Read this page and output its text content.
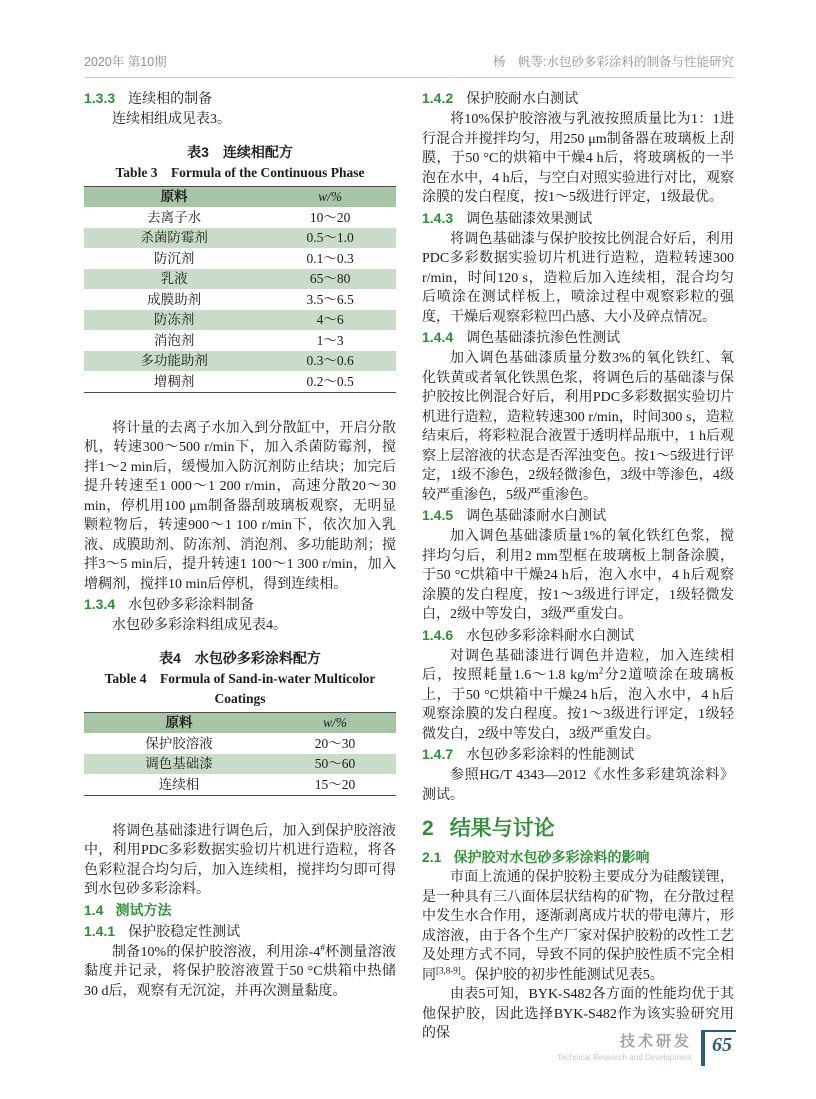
2020年 第10期	杨　帆等:水包砂多彩涂料的制备与性能研究
1.3.3 连续相的制备

连续相组成见表3。

表3　连续相配方
Table 3　Formula of the Continuous Phase
原料	w/%
去离子水	10～20
杀菌防霉剂	0.5～1.0
防沉剂	0.1～0.3
乳液	65～80
成膜助剂	3.5～6.5
防冻剂	4～6
消泡剂	1～3
多功能助剂	0.3～0.6
增稠剂	0.2～0.5

将计量的去离子水加入到分散缸中，开启分散机，转速300～500 r/min下，加入杀菌防霉剂，搅拌1～2 min后，缓慢加入防沉剂防止结块；加完后提升转速至1 000～1 200 r/min，高速分散20～30 min，停机用100 μm制备器刮玻璃板观察，无明显颗粒物后，转速900～1 100 r/min下，依次加入乳液、成膜助剂、防冻剂、消泡剂、多功能助剂；搅拌3～5 min后，提升转速1 100～1 300 r/min，加入增稠剂，搅拌10 min后停机，得到连续相。

1.3.4 水包砂多彩涂料制备

水包砂多彩涂料组成见表4。

表4　水包砂多彩涂料配方
Table 4　Formula of Sand-in-water Multicolor Coatings
原料	w/%
保护胶溶液	20～30
调色基础漆	50～60
连续相	15～20

将调色基础漆进行调色后，加入到保护胶溶液中，利用PDC多彩数据实验切片机进行造粒，将各色彩粒混合均匀后，加入连续相，搅拌均匀即可得到水包砂多彩涂料。

1.4 测试方法
1.4.1 保护胶稳定性测试

制备10%的保护胶溶液，利用涂-4#杯测量溶液黏度并记录，将保护胶溶液置于50 °C烘箱中热储30 d后，观察有无沉淀，并再次测量黏度。

1.4.2 保护胶耐水白测试

将10%保护胶溶液与乳液按照质量比为1：1进行混合并搅拌均匀，用250 μm制备器在玻璃板上刮膜，于50 °C的烘箱中干燥4 h后，将玻璃板的一半泡在水中，4 h后，与空白对照实验进行对比，观察涂膜的发白程度，按1～5级进行评定，1级最优。

1.4.3 调色基础漆效果测试

将调色基础漆与保护胶按比例混合好后，利用PDC多彩数据实验切片机进行造粒，造粒转速300 r/min，时间120 s，造粒后加入连续相，混合均匀后喷涂在测试样板上，喷涂过程中观察彩粒的强度，干燥后观察彩粒凹凸感、大小及碎点情况。

1.4.4 调色基础漆抗渗色性测试

加入调色基础漆质量分数3%的氧化铁红、氧化铁黄或者氧化铁黑色浆，将调色后的基础漆与保护胶按比例混合好后，利用PDC多彩数据实验切片机进行造粒，造粒转速300 r/min，时间300 s，造粒结束后，将彩粒混合液置于透明样品瓶中，1 h后观察上层溶液的状态是否浑浊变色。按1～5级进行评定，1级不渗色，2级轻微渗色，3级中等渗色，4级较严重渗色，5级严重渗色。

1.4.5 调色基础漆耐水白测试

加入调色基础漆质量1%的氧化铁红色浆，搅拌均匀后，利用2 mm型框在玻璃板上制备涂膜，于50 °C烘箱中干燥24 h后，泡入水中，4 h后观察涂膜的发白程度，按1～3级进行评定，1级轻微发白，2级中等发白，3级严重发白。

1.4.6 水包砂多彩涂料耐水白测试

对调色基础漆进行调色并造粒，加入连续相后，按照耗量1.6～1.8 $kg/m^2$分2道喷涂在玻璃板上，于50 °C烘箱中干燥24 h后，泡入水中，4 h后观察涂膜的发白程度。按1～3级进行评定，1级轻微发白，2级中等发白，3级严重发白。

1.4.7 水包砂多彩涂料的性能测试

参照HG/T 4343—2012《水性多彩建筑涂料》测试。

2 结果与讨论
2.1 保护胶对水包砂多彩涂料的影响

市面上流通的保护胶粉主要成分为硅酸镁锂，是一种具有三八面体层状结构的矿物，在分散过程中发生水合作用，逐渐剥离成片状的带电薄片，形成溶液，由于各个生产厂家对保护胶粉的改性工艺及处理方式不同，导致不同的保护胶性质不完全相同[3,8-9]。保护胶的初步性能测试见表5。

由表5可知，BYK-S482各方面的性能均优于其他保护胶，因此选择BYK-S482作为该实验研究用的保	技术研发
Technical Research and Development
65
